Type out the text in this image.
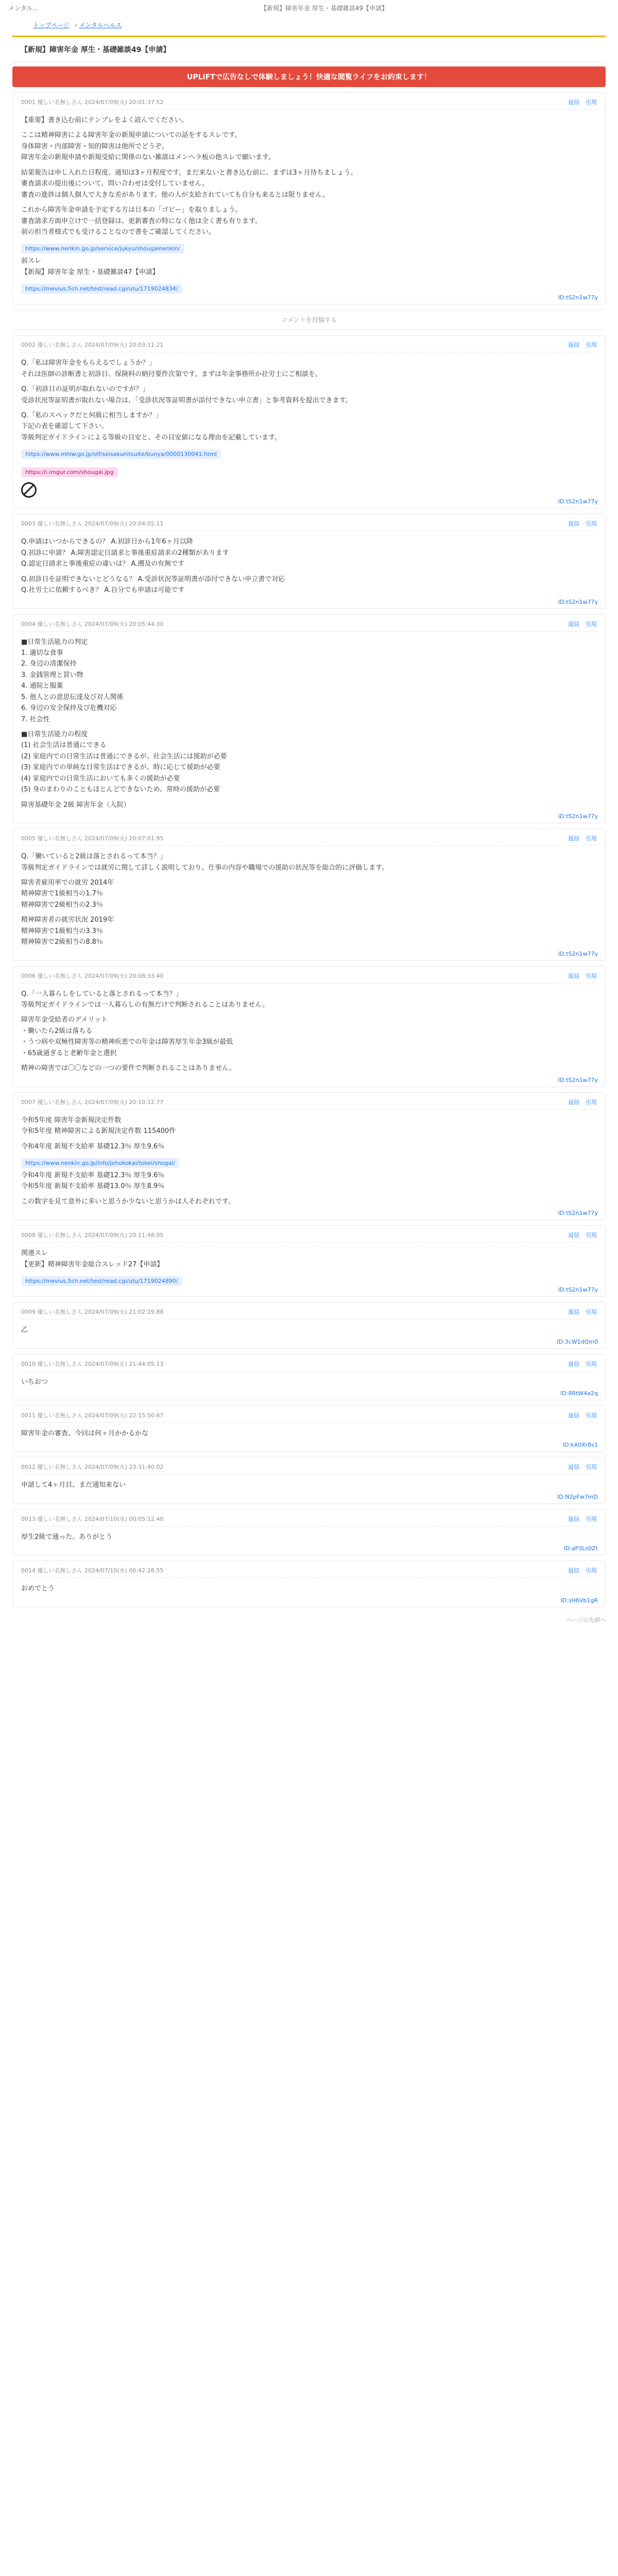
メンタル...	【新規】障害年金 厚生・基礎雑談49【申請】
トップページ › メンタルヘルス
【新規】障害年金 厚生・基礎雑談49【申請】
UPLIFTで広告なしで体験しましょう！快適な閲覧ライフをお約束します！
0001 優しい名無しさん 2024/07/09(火) 20:01:37.52	返信 引用

【重要】書き込む前にテンプレをよく読んでください。

ここは精神障害による障害年金の新規申請についての話をするスレです。
身体障害・内部障害・知的障害は他所でどうぞ。
障害年金の新規申請や新規受給に関係のない雑談はメンヘラ板の他スレで願います。

結果報告は申し入れた日程度、通知は3ヶ月程度です。まだ来ないと書き込む前に、まずは3ヶ月待ちましょう。
審査請求の提出後について、問い合わせは受付していません。
審査の進捗は個人個人で大きな差があります。他の人が支給されていても自分も来るとは限りません。

これから障害年金申請を予定する方は日本の「ゴビー」を取りましょう。
審査請求方面申立けで一括登録は、更新審査の特になく他は全く書も有ります。
前の担当者様式でも受けることなので書をご確認してください。

https://www.nenkin.go.jp/service/jukyu/shougainenkin/

前スレ
【新規】障害年金 厚生・基礎雑談47【申請】

https://mevius.5ch.net/test/read.cgi/utu/1719024834/
ID:tS2n1w77y
コメントを投稿する
0002 優しい名無しさん 2024/07/09(火) 20:03:11.21	返信 引用

Q.「私は障害年金をもらえるでしょうか？」
それは医師の診断書と初診日、保険料の納付要件次第です。まずは年金事務所か社労士にご相談を。

Q.「初診日の証明が取れないのですが？」
受診状況等証明書が取れない場合は、「受診状況等証明書が添付できない申立書」と参考資料を提出できます。

Q.「私のスペックだと何級に相当しますか？」
下記の表を確認して下さい。
等級判定ガイドラインによる等級の目安と、その目安値になる理由を記載しています。

https://www.mhlw.go.jp/stf/seisakunitsuite/bunya/0000130041.html

https://i.imgur.com/shougai.jpg
ID:tS2n1w77y
0003 優しい名無しさん 2024/07/09(火) 20:04:02.11	返信 引用

Q.申請はいつからできるの？ A.初診日から1年6ヶ月以降
Q.初診に申請？ A.障害認定日請求と事後重症請求の2種類があります
Q.認定日請求と事後重症の違いは？ A.遡及の有無です

Q.初診日を証明できないとどうなる？ A.受診状況等証明書が添付できない申立書で対応
Q.社労士に依頼するべき？ A.自分でも申請は可能です

ID:tS2n1w77y
0004 優しい名無しさん 2024/07/09(火) 20:05:44.30	返信 引用

■日常生活能力の判定
1. 適切な食事
2. 身辺の清潔保持
3. 金銭管理と買い物
4. 通院と服薬
5. 他人との意思伝達及び対人関係
6. 身辺の安全保持及び危機対応
7. 社会性

■日常生活能力の程度
(1) 社会生活は普通にできる
(2) 家庭内での日常生活は普通にできるが、社会生活には援助が必要
(3) 家庭内での単純な日常生活はできるが、時に応じて援助が必要
(4) 家庭内での日常生活においても多くの援助が必要
(5) 身のまわりのこともほとんどできないため、常時の援助が必要

障害基礎年金 2級 障害年金（入院）

ID:tS2n1w77y
0005 優しい名無しさん 2024/07/09(火) 20:07:01.95	返信 引用

Q.「働いていると2級は落とされるって本当？」
等級判定ガイドラインでは就労に関して詳しく説明しており、仕事の内容や職場での援助の状況等を総合的に評価します。

障害者雇用率での就労 2014年
精神障害で1級相当の1.7％
精神障害で2級相当の2.3％

精神障害者の就労状況 2019年
精神障害で1級相当の3.3％
精神障害で2級相当の8.8％

ID:tS2n1w77y
0006 優しい名無しさん 2024/07/09(火) 20:08:33.40	返信 引用

Q.「一人暮らしをしていると落とされるって本当？」
等級判定ガイドラインでは一人暮らしの有無だけで判断されることはありません。

障害年金受給者のデメリット
・働いたら2級は落ちる
・うつ病や双極性障害等の精神疾患での年金は障害厚生年金3級が最低
・65歳過ぎると老齢年金と選択

精神の障害では〇〇などの一つの要件で判断されることはありません。

ID:tS2n1w77y
0007 優しい名無しさん 2024/07/09(火) 20:10:12.77	返信 引用

令和5年度 障害年金新規決定件数
令和5年度 精神障害による新規決定件数 115400件

令和4年度 新規不支給率 基礎12.3％ 厚生9.6％

https://www.nenkin.go.jp/info/johokokai/tokei/shogai/

令和4年度 新規不支給率 基礎12.3％ 厚生9.6％
令和5年度 新規不支給率 基礎13.0％ 厚生8.9％

この数字を見て意外に多いと思うか少ないと思うかは人それぞれです。

ID:tS2n1w77y
0008 優しい名無しさん 2024/07/09(火) 20:11:48.05	返信 引用

関連スレ
【更新】精神障害年金総合スレッド27【申請】

https://mevius.5ch.net/test/read.cgi/utu/1719024890/
ID:tS2n1w77y
0009 優しい名無しさん 2024/07/09(火) 21:02:19.88	返信 引用

乙

ID:3cW1dQm0
0010 優しい名無しさん 2024/07/09(火) 21:44:05.13	返信 引用

いちおつ

ID:8RtW4a2q
0011 優しい名無しさん 2024/07/09(火) 22:15:50.67	返信 引用

障害年金の審査、今回は何ヶ月かかるかな

ID:kA0Xr8s1
0012 優しい名無しさん 2024/07/09(火) 23:31:40.02	返信 引用

申請して4ヶ月目、まだ通知来ない

ID:N2pFw7mD
0013 優しい名無しさん 2024/07/10(水) 00:05:12.40	返信 引用

厚生2級で通った。ありがとう

ID:aP3Ls0Zt
0014 優しい名無しさん 2024/07/10(水) 00:42:28.55	返信 引用

おめでとう

ID:sH6Vb1gR
ページの先頭へ
